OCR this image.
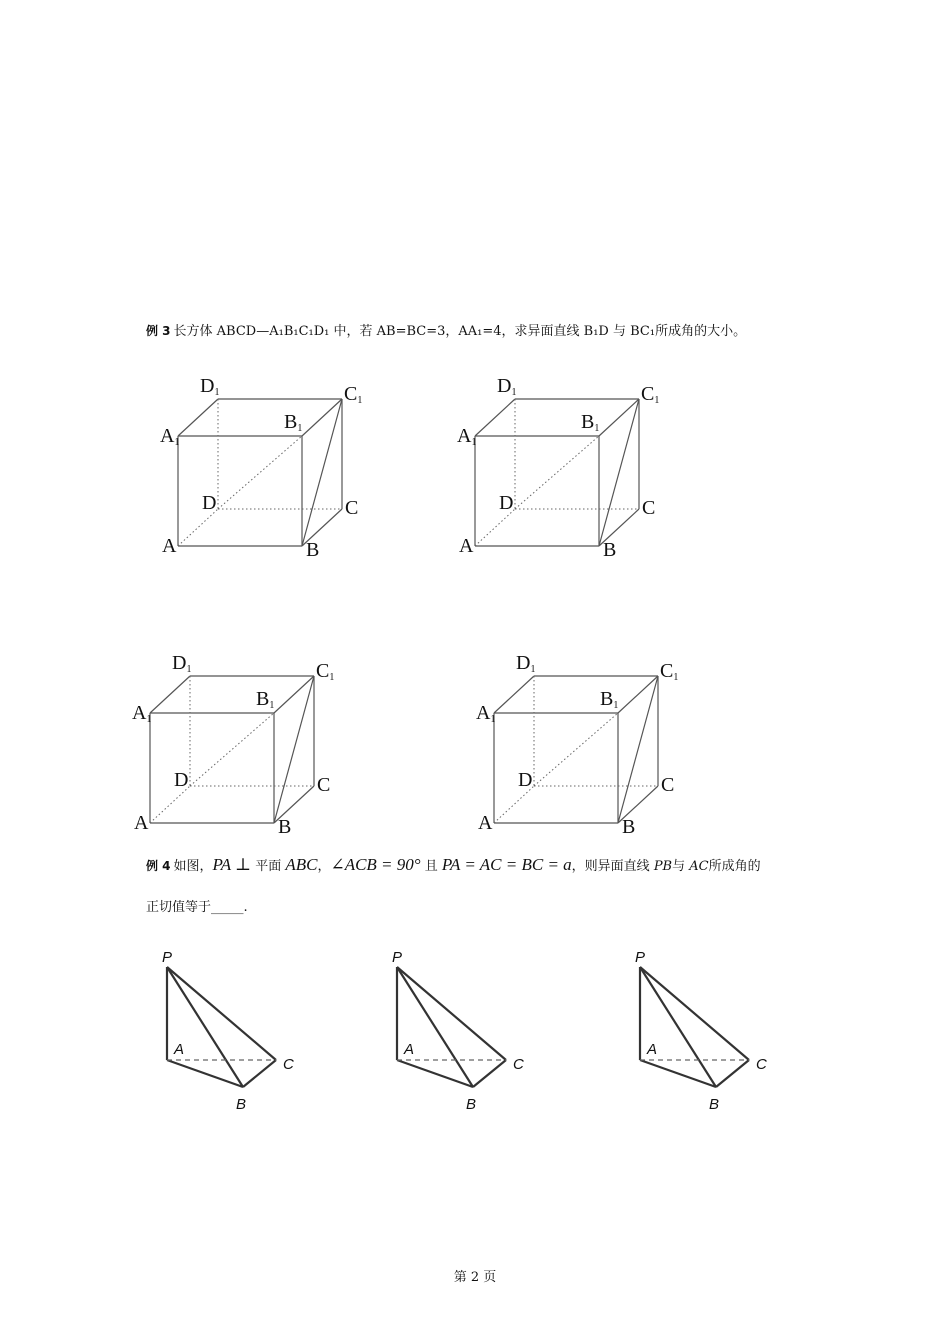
例 3 长方体 ABCD—A₁B₁C₁D₁ 中，若 AB=BC=3，AA₁=4，求异面直线 B₁D 与 BC₁所成角的大小。
A	B
C
D
A1
B1
C1
D1
A	B
C
D
A1
B1
C1
D1
A	B
C
D
A1
B1
C1
D1
A	B
C
D
A1
B1
C1
D1
例 4 如图，PA ⊥ 平面 ABC，∠ACB = 90° 且 PA = AC = BC = a，则异面直线 PB与 AC所成角的
正切值等于_____.
P
A
B
C
P
A
B
C
P
A
B
C
第 2 页
